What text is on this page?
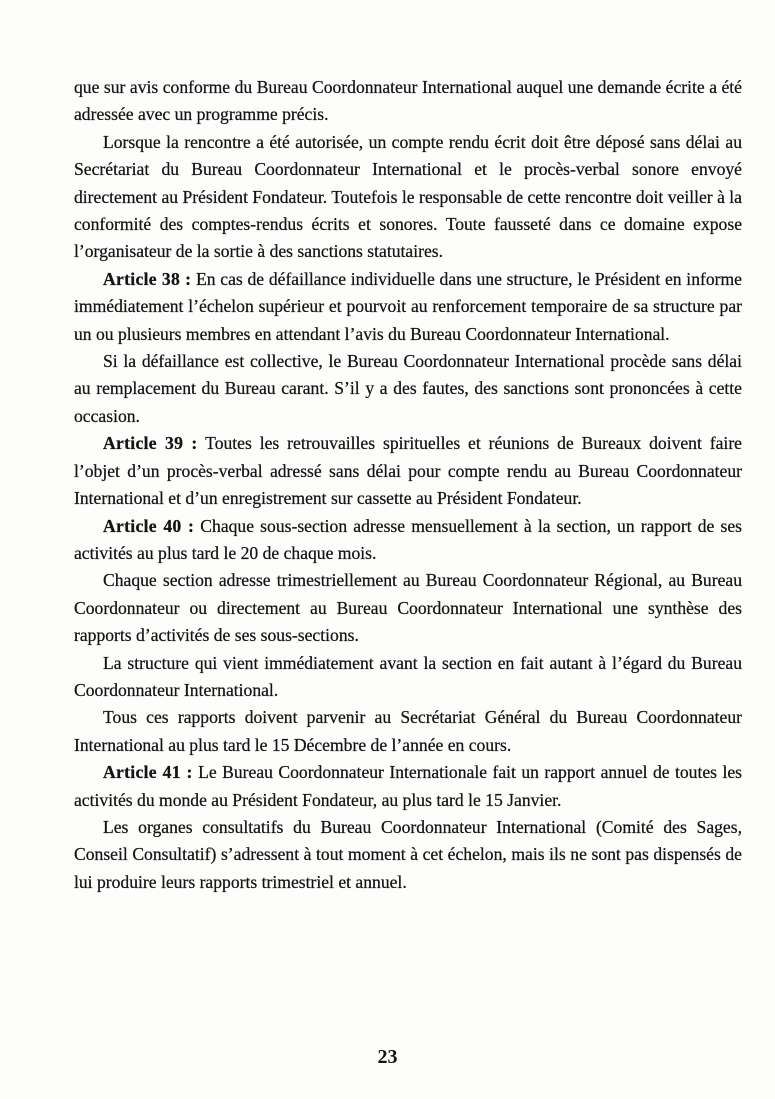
que sur avis conforme du Bureau Coordonnateur International auquel une demande écrite a été adressée avec un programme précis.

Lorsque la rencontre a été autorisée, un compte rendu écrit doit être déposé sans délai au Secrétariat du Bureau Coordonnateur International et le procès-verbal sonore envoyé directement au Président Fondateur. Toutefois le responsable de cette rencontre doit veiller à la conformité des comptes-rendus écrits et sonores. Toute fausseté dans ce domaine expose l’organisateur de la sortie à des sanctions statutaires.

Article 38 : En cas de défaillance individuelle dans une structure, le Président en informe immédiatement l’échelon supérieur et pourvoit au renforcement temporaire de sa structure par un ou plusieurs membres en attendant l’avis du Bureau Coordonnateur International.

Si la défaillance est collective, le Bureau Coordonnateur International procède sans délai au remplacement du Bureau carant. S’il y a des fautes, des sanctions sont prononcées à cette occasion.

Article 39 : Toutes les retrouvailles spirituelles et réunions de Bureaux doivent faire l’objet d’un procès-verbal adressé sans délai pour compte rendu au Bureau Coordonnateur International et d’un enregistrement sur cassette au Président Fondateur.

Article 40 : Chaque sous-section adresse mensuellement à la section, un rapport de ses activités au plus tard le 20 de chaque mois.

Chaque section adresse trimestriellement au Bureau Coordonnateur Régional, au Bureau Coordonnateur ou directement au Bureau Coordonnateur International une synthèse des rapports d’activités de ses sous-sections.

La structure qui vient immédiatement avant la section en fait autant à l’égard du Bureau Coordonnateur International.

Tous ces rapports doivent parvenir au Secrétariat Général du Bureau Coordonnateur International au plus tard le 15 Décembre de l’année en cours.

Article 41 : Le Bureau Coordonnateur Internationale fait un rapport annuel de toutes les activités du monde au Président Fondateur, au plus tard le 15 Janvier.

Les organes consultatifs du Bureau Coordonnateur International (Comité des Sages, Conseil Consultatif) s’adressent à tout moment à cet échelon, mais ils ne sont pas dispensés de lui produire leurs rapports trimestriel et annuel.

23
